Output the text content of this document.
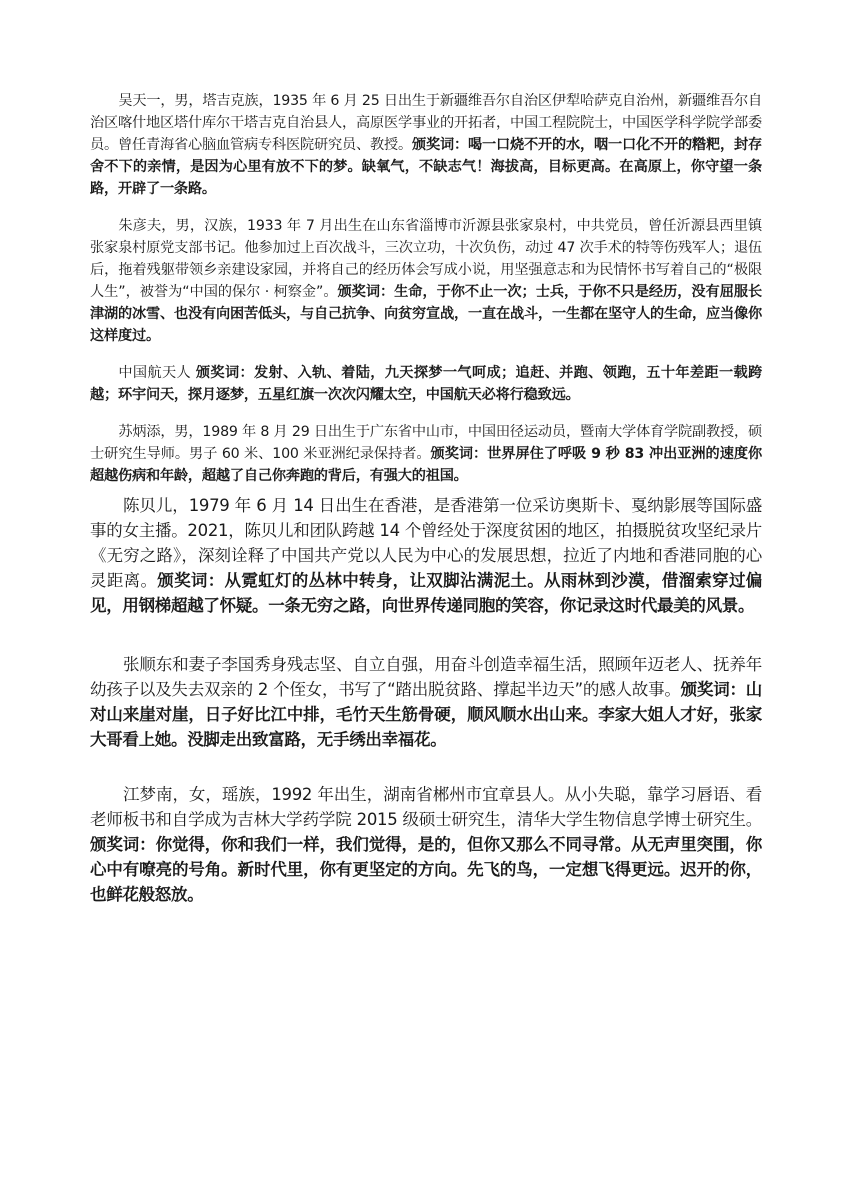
吴天一，男，塔吉克族，1935 年 6 月 25 日出生于新疆维吾尔自治区伊犁哈萨克自治州，新疆维吾尔自治区喀什地区塔什库尔干塔吉克自治县人，高原医学事业的开拓者，中国工程院院士，中国医学科学院学部委员。曾任青海省心脑血管病专科医院研究员、教授。颁奖词：喝一口烧不开的水，咽一口化不开的糌粑，封存舍不下的亲情，是因为心里有放不下的梦。缺氧气，不缺志气！海拔高，目标更高。在高原上，你守望一条路，开辟了一条路。

朱彦夫，男，汉族，1933 年 7 月出生在山东省淄博市沂源县张家泉村，中共党员，曾任沂源县西里镇张家泉村原党支部书记。他参加过上百次战斗，三次立功，十次负伤，动过 47 次手术的特等伤残军人；退伍后，拖着残躯带领乡亲建设家园，并将自己的经历体会写成小说，用坚强意志和为民情怀书写着自己的“极限人生”，被誉为“中国的保尔 · 柯察金”。颁奖词：生命，于你不止一次；士兵，于你不只是经历，没有屈服长津湖的冰雪、也没有向困苦低头，与自己抗争、向贫穷宣战，一直在战斗，一生都在坚守人的生命，应当像你这样度过。

中国航天人 颁奖词：发射、入轨、着陆，九天探梦一气呵成；追赶、并跑、领跑，五十年差距一载跨越；环宇问天，探月逐梦，五星红旗一次次闪耀太空，中国航天必将行稳致远。

苏炳添，男，1989 年 8 月 29 日出生于广东省中山市，中国田径运动员，暨南大学体育学院副教授，硕士研究生导师。男子 60 米、100 米亚洲纪录保持者。颁奖词：世界屏住了呼吸 9 秒 83 冲出亚洲的速度你超越伤病和年龄，超越了自己你奔跑的背后，有强大的祖国。

陈贝儿，1979 年 6 月 14 日出生在香港，是香港第一位采访奥斯卡、戛纳影展等国际盛事的女主播。2021，陈贝儿和团队跨越 14 个曾经处于深度贫困的地区，拍摄脱贫攻坚纪录片《无穷之路》，深刻诠释了中国共产党以人民为中心的发展思想，拉近了内地和香港同胞的心灵距离。颁奖词：从霓虹灯的丛林中转身，让双脚沾满泥土。从雨林到沙漠，借溜索穿过偏见，用钢梯超越了怀疑。一条无穷之路，向世界传递同胞的笑容，你记录这时代最美的风景。

张顺东和妻子李国秀身残志坚、自立自强，用奋斗创造幸福生活，照顾年迈老人、抚养年幼孩子以及失去双亲的 2 个侄女，书写了“踏出脱贫路、撑起半边天”的感人故事。颁奖词：山对山来崖对崖，日子好比江中排，毛竹天生筋骨硬，顺风顺水出山来。李家大姐人才好，张家大哥看上她。没脚走出致富路，无手绣出幸福花。

江梦南，女，瑶族，1992 年出生，湖南省郴州市宜章县人。从小失聪，靠学习唇语、看老师板书和自学成为吉林大学药学院 2015 级硕士研究生，清华大学生物信息学博士研究生。颁奖词：你觉得，你和我们一样，我们觉得，是的，但你又那么不同寻常。从无声里突围，你心中有嘹亮的号角。新时代里，你有更坚定的方向。先飞的鸟，一定想飞得更远。迟开的你，也鲜花般怒放。
